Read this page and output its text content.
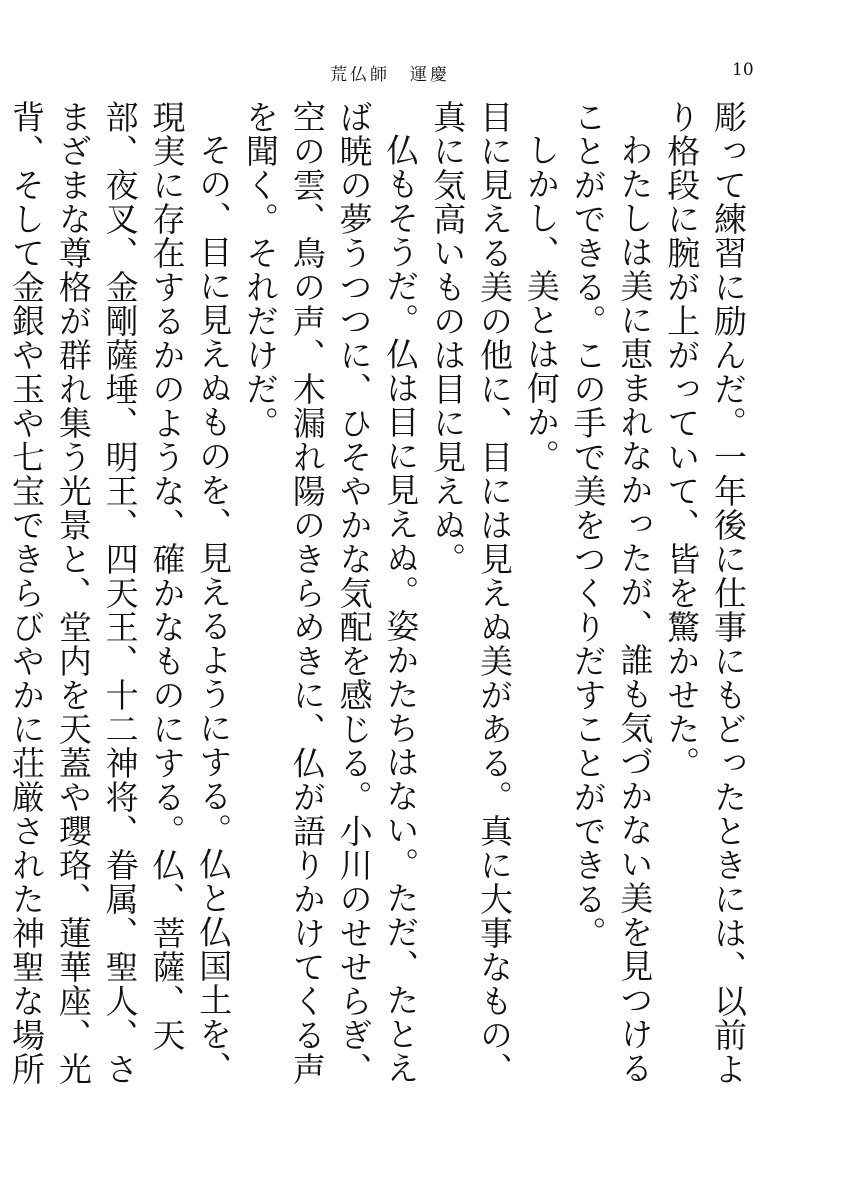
荒仏師　運慶	10

彫って練習に励んだ。一年後に仕事にもどったときには、以前より格段に腕が上がっていて、皆を驚かせた。

わたしは美に恵まれなかったが、誰も気づかない美を見つけることができる。この手で美をつくりだすことができる。

しかし、美とは何か。

目に見える美の他に、目には見えぬ美がある。真に大事なもの、真に気高いものは目に見えぬ。

仏もそうだ。仏は目に見えぬ。姿かたちはない。ただ、たとえば暁の夢うつつに、ひそやかな気配を感じる。小川のせせらぎ、空の雲、鳥の声、木漏れ陽のきらめきに、仏が語りかけてくる声を聞く。それだけだ。

その、目に見えぬものを、見えるようにする。仏と仏国土を、現実に存在するかのような、確かなものにする。仏、菩薩、天部、夜叉、金剛薩埵、明王、四天王、十二神将、眷属、聖人、さまざまな尊格が群れ集う光景と、堂内を天蓋や瓔珞、蓮華座、光背、そして金銀や玉や七宝できらびやかに荘厳された神聖な場所
